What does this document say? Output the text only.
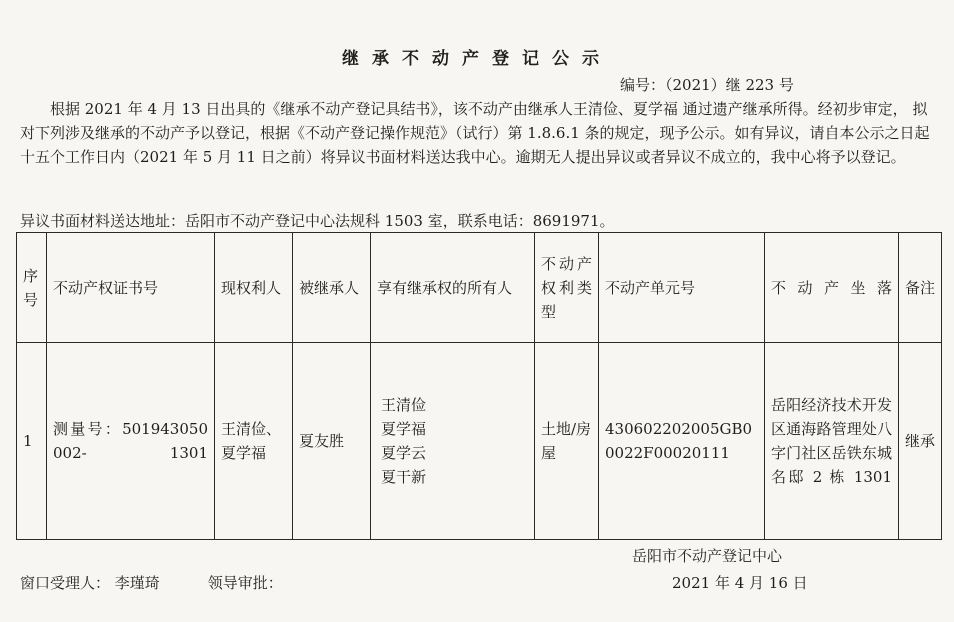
继承不动产登记公示
编号：（2021）继 223 号

根据 2021 年 4 月 13 日出具的《继承不动产登记具结书》，该不动产由继承人王清俭、夏学福 通过遗产继承所得。经初步审定， 拟对下列涉及继承的不动产予以登记，根据《不动产登记操作规范》（试行）第 1.8.6.1 条的规定，现予公示。如有异议，请自本公示之日起十五个工作日内（2021 年 5 月 11 日之前）将异议书面材料送达我中心。逾期无人提出异议或者异议不成立的，我中心将予以登记。

异议书面材料送达地址：岳阳市不动产登记中心法规科 1503 室，联系电话：8691971。
序号	不动产权证书号	现权利人	被继承人	享有继承权的所有人	不动产权利类型	不动产单元号	不动产坐落	备注
1	测量号：501943050002- 1301	王清俭、夏学福	夏友胜	王清俭
夏学福
夏学云
夏干新	土地/房屋	430602202005GB00022F00020111	岳阳经济技术开发区通海路管理处八字门社区岳铁东城名邸 2 栋 1301	继承
岳阳市不动产登记中心
窗口受理人： 李瑾琦	领导审批：	2021 年 4 月 16 日
